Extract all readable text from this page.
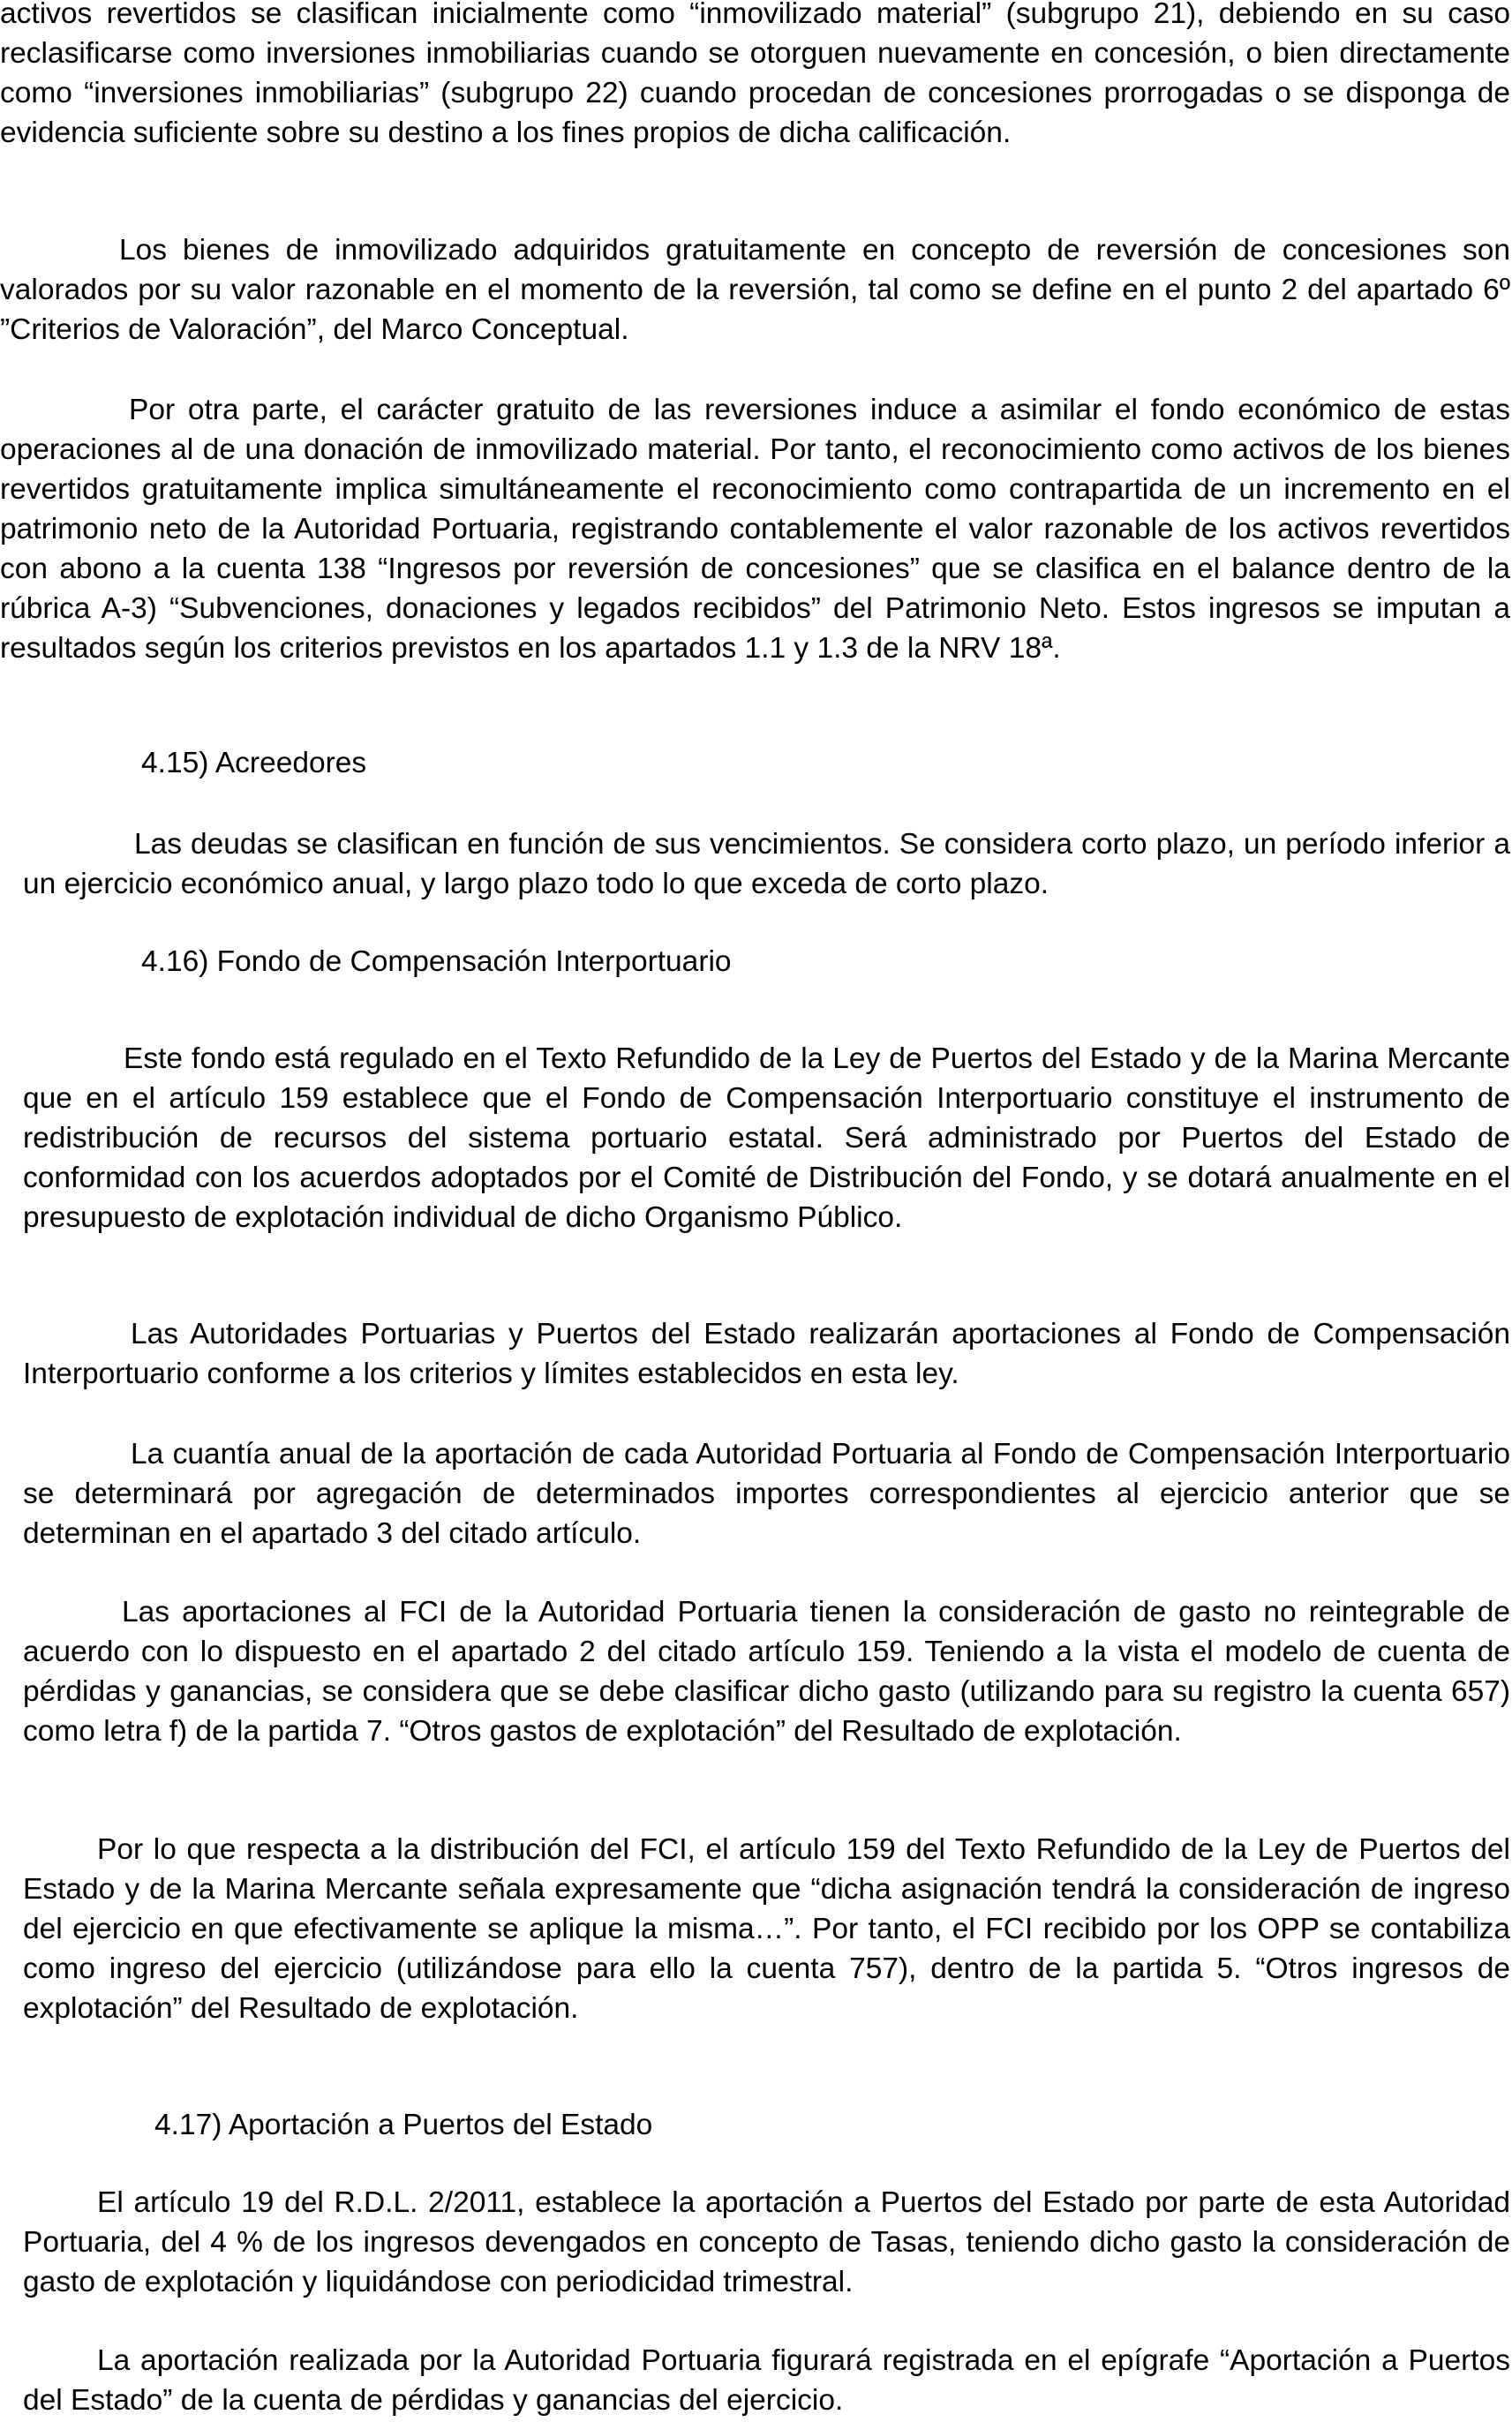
activos revertidos se clasifican inicialmente como “inmovilizado material” (subgrupo 21), debiendo en su caso reclasificarse como inversiones inmobiliarias cuando se otorguen nuevamente en concesión, o bien directamente como “inversiones inmobiliarias” (subgrupo 22) cuando procedan de concesiones prorrogadas o se disponga de evidencia suficiente sobre su destino a los fines propios de dicha calificación.

Los bienes de inmovilizado adquiridos gratuitamente en concepto de reversión de concesiones son valorados por su valor razonable en el momento de la reversión, tal como se define en el punto 2 del apartado 6º ”Criterios de Valoración”, del Marco Conceptual.

Por otra parte, el carácter gratuito de las reversiones induce a asimilar el fondo económico de estas operaciones al de una donación de inmovilizado material. Por tanto, el reconocimiento como activos de los bienes revertidos gratuitamente implica simultáneamente el reconocimiento como contrapartida de un incremento en el patrimonio neto de la Autoridad Portuaria, registrando contablemente el valor razonable de los activos revertidos con abono a la cuenta 138 “Ingresos por reversión de concesiones” que se clasifica en el balance dentro de la rúbrica A-3) “Subvenciones, donaciones y legados recibidos” del Patrimonio Neto. Estos ingresos se imputan a resultados según los criterios previstos en los apartados 1.1 y 1.3 de la NRV 18ª.

4.15) Acreedores

Las deudas se clasifican en función de sus vencimientos. Se considera corto plazo, un período inferior a un ejercicio económico anual, y largo plazo todo lo que exceda de corto plazo.

4.16) Fondo de Compensación Interportuario

Este fondo está regulado en el Texto Refundido de la Ley de Puertos del Estado y de la Marina Mercante que en el artículo 159 establece que el Fondo de Compensación Interportuario constituye el instrumento de redistribución de recursos del sistema portuario estatal. Será administrado por Puertos del Estado de conformidad con los acuerdos adoptados por el Comité de Distribución del Fondo, y se dotará anualmente en el presupuesto de explotación individual de dicho Organismo Público.

Las Autoridades Portuarias y Puertos del Estado realizarán aportaciones al Fondo de Compensación Interportuario conforme a los criterios y límites establecidos en esta ley.

La cuantía anual de la aportación de cada Autoridad Portuaria al Fondo de Compensación Interportuario se determinará por agregación de determinados importes correspondientes al ejercicio anterior que se determinan en el apartado 3 del citado artículo.

Las aportaciones al FCI de la Autoridad Portuaria tienen la consideración de gasto no reintegrable de acuerdo con lo dispuesto en el apartado 2 del citado artículo 159. Teniendo a la vista el modelo de cuenta de pérdidas y ganancias, se considera que se debe clasificar dicho gasto (utilizando para su registro la cuenta 657) como letra f) de la partida 7. “Otros gastos de explotación” del Resultado de explotación.

Por lo que respecta a la distribución del FCI, el artículo 159 del Texto Refundido de la Ley de Puertos del Estado y de la Marina Mercante señala expresamente que “dicha asignación tendrá la consideración de ingreso del ejercicio en que efectivamente se aplique la misma…”. Por tanto, el FCI recibido por los OPP se contabiliza como ingreso del ejercicio (utilizándose para ello la cuenta 757), dentro de la partida 5. “Otros ingresos de explotación” del Resultado de explotación.

4.17) Aportación a Puertos del Estado

El artículo 19 del R.D.L. 2/2011, establece la aportación a Puertos del Estado por parte de esta Autoridad Portuaria, del 4 % de los ingresos devengados en concepto de Tasas, teniendo dicho gasto la consideración de gasto de explotación y liquidándose con periodicidad trimestral.

La aportación realizada por la Autoridad Portuaria figurará registrada en el epígrafe “Aportación a Puertos del Estado” de la cuenta de pérdidas y ganancias del ejercicio.
